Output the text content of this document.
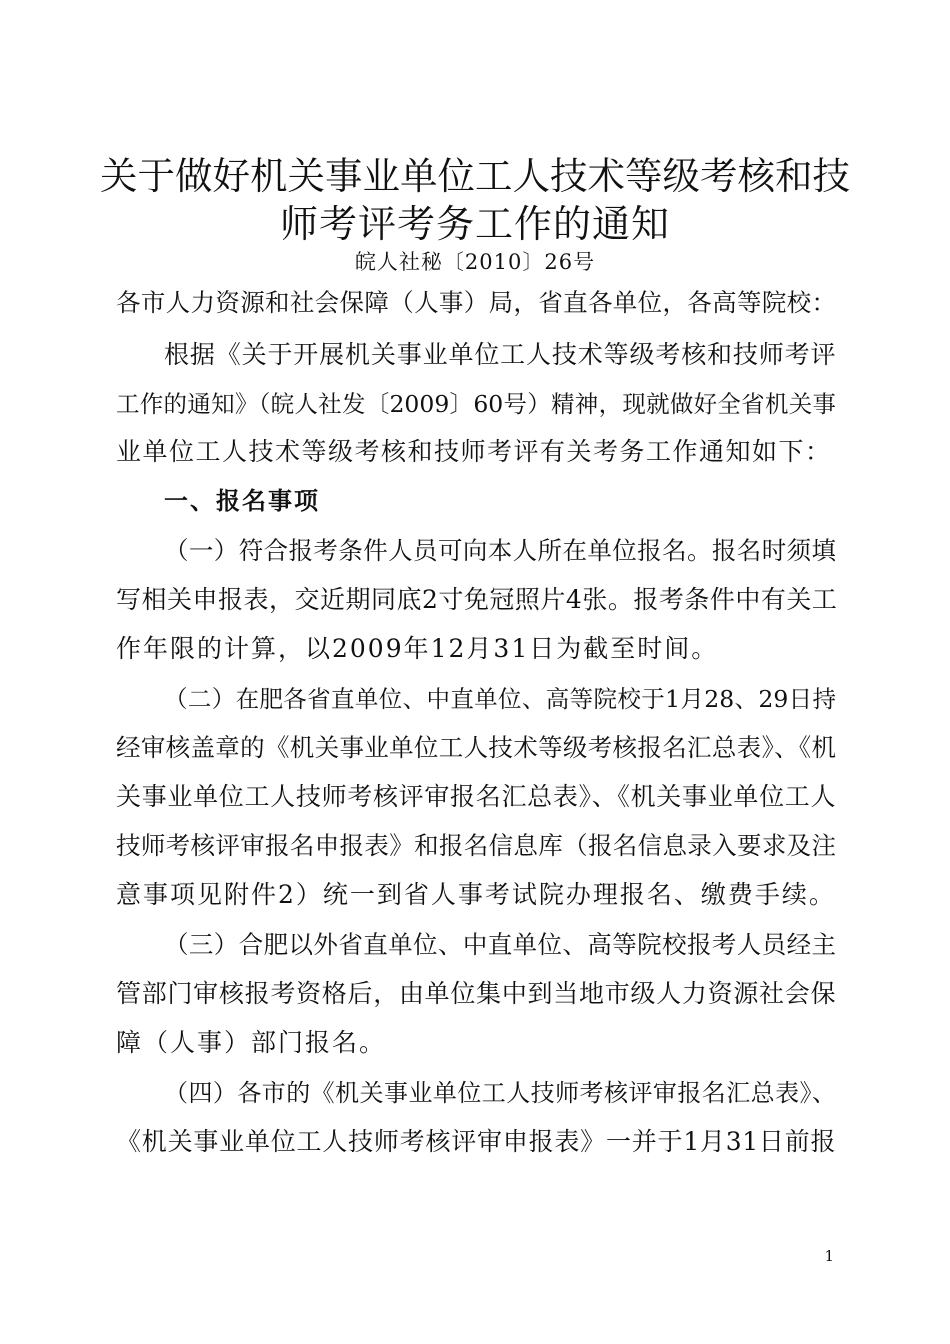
关于做好机关事业单位工人技术等级考核和技
师考评考务工作的通知
皖人社秘〔2010〕26号
各市人力资源和社会保障（人事）局，省直各单位，各高等院校：
根据《关于开展机关事业单位工人技术等级考核和技师考评
工作的通知》（皖人社发〔2009〕60号）精神，现就做好全省机关事
业单位工人技术等级考核和技师考评有关考务工作通知如下：
一、报名事项
（一）符合报考条件人员可向本人所在单位报名。报名时须填
写相关申报表，交近期同底2寸免冠照片4张。报考条件中有关工
作年限的计算，以2009年12月31日为截至时间。
（二）在肥各省直单位、中直单位、高等院校于1月28、29日持
经审核盖章的《机关事业单位工人技术等级考核报名汇总表》、《机
关事业单位工人技师考核评审报名汇总表》、《机关事业单位工人
技师考核评审报名申报表》和报名信息库（报名信息录入要求及注
意事项见附件2）统一到省人事考试院办理报名、缴费手续。
（三）合肥以外省直单位、中直单位、高等院校报考人员经主
管部门审核报考资格后，由单位集中到当地市级人力资源社会保
障（人事）部门报名。
（四）各市的《机关事业单位工人技师考核评审报名汇总表》、
《机关事业单位工人技师考核评审申报表》一并于1月31日前报
1
